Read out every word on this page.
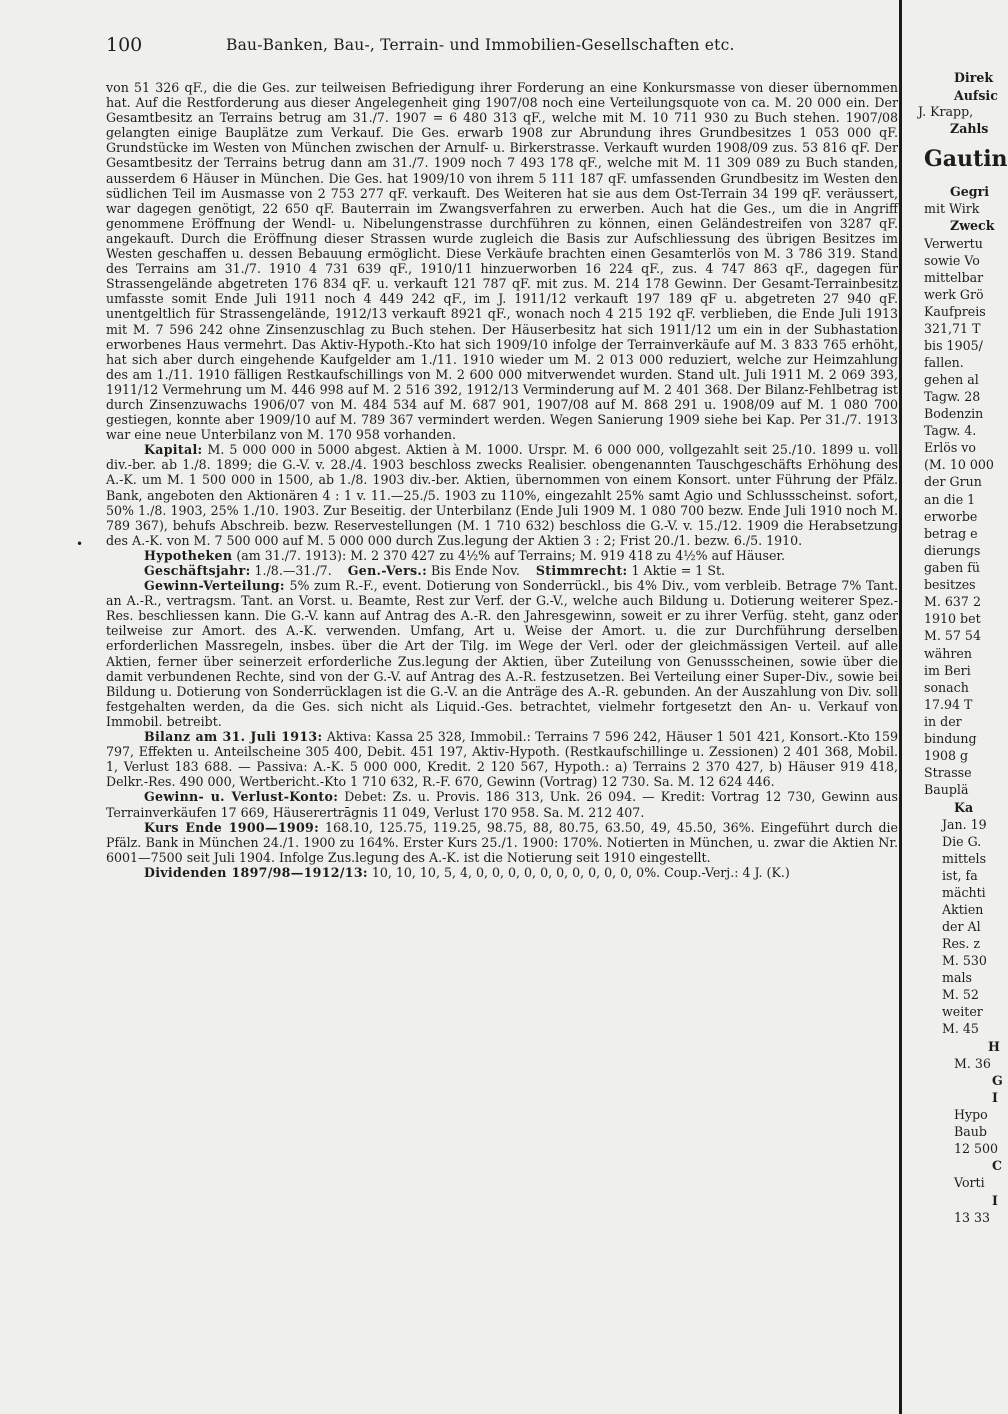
100	Bau-Banken, Bau-, Terrain- und Immobilien-Gesellschaften etc.

von 51 326 qF., die die Ges. zur teilweisen Befriedigung ihrer Forderung an eine Konkursmasse von dieser übernommen hat. Auf die Restforderung aus dieser Angelegenheit ging 1907/08 noch eine Verteilungsquote von ca. M. 20 000 ein. Der Gesamtbesitz an Terrains betrug am 31./7. 1907 = 6 480 313 qF., welche mit M. 10 711 930 zu Buch stehen. 1907/08 gelangten einige Bauplätze zum Verkauf. Die Ges. erwarb 1908 zur Abrundung ihres Grundbesitzes 1 053 000 qF. Grundstücke im Westen von München zwischen der Arnulf- u. Birkerstrasse. Verkauft wurden 1908/09 zus. 53 816 qF. Der Gesamtbesitz der Terrains betrug dann am 31./7. 1909 noch 7 493 178 qF., welche mit M. 11 309 089 zu Buch standen, ausserdem 6 Häuser in München. Die Ges. hat 1909/10 von ihrem 5 111 187 qF. umfassenden Grundbesitz im Westen den südlichen Teil im Ausmasse von 2 753 277 qF. verkauft. Des Weiteren hat sie aus dem Ost-Terrain 34 199 qF. veräussert, war dagegen genötigt, 22 650 qF. Bauterrain im Zwangsverfahren zu erwerben. Auch hat die Ges., um die in Angriff genommene Eröffnung der Wendl- u. Nibelungenstrasse durchführen zu können, einen Geländestreifen von 3287 qF. angekauft. Durch die Eröffnung dieser Strassen wurde zugleich die Basis zur Aufschliessung des übrigen Besitzes im Westen geschaffen u. dessen Bebauung ermöglicht. Diese Verkäufe brachten einen Gesamterlös von M. 3 786 319. Stand des Terrains am 31./7. 1910 4 731 639 qF., 1910/11 hinzuerworben 16 224 qF., zus. 4 747 863 qF., dagegen für Strassengelände abgetreten 176 834 qF. u. verkauft 121 787 qF. mit zus. M. 214 178 Gewinn. Der Gesamt-Terrainbesitz umfasste somit Ende Juli 1911 noch 4 449 242 qF., im J. 1911/12 verkauft 197 189 qF u. abgetreten 27 940 qF. unentgeltlich für Strassengelände, 1912/13 verkauft 8921 qF., wonach noch 4 215 192 qF. verblieben, die Ende Juli 1913 mit M. 7 596 242 ohne Zinsenzuschlag zu Buch stehen. Der Häuserbesitz hat sich 1911/12 um ein in der Subhastation erworbenes Haus vermehrt. Das Aktiv-Hypoth.-Kto hat sich 1909/10 infolge der Terrainverkäufe auf M. 3 833 765 erhöht, hat sich aber durch eingehende Kaufgelder am 1./11. 1910 wieder um M. 2 013 000 reduziert, welche zur Heimzahlung des am 1./11. 1910 fälligen Restkaufschillings von M. 2 600 000 mitverwendet wurden. Stand ult. Juli 1911 M. 2 069 393, 1911/12 Vermehrung um M. 446 998 auf M. 2 516 392, 1912/13 Verminderung auf M. 2 401 368. Der Bilanz-Fehlbetrag ist durch Zinsenzuwachs 1906/07 von M. 484 534 auf M. 687 901, 1907/08 auf M. 868 291 u. 1908/09 auf M. 1 080 700 gestiegen, konnte aber 1909/10 auf M. 789 367 vermindert werden. Wegen Sanierung 1909 siehe bei Kap. Per 31./7. 1913 war eine neue Unterbilanz von M. 170 958 vorhanden.

Kapital: M. 5 000 000 in 5000 abgest. Aktien à M. 1000. Urspr. M. 6 000 000, vollgezahlt seit 25./10. 1899 u. voll div.-ber. ab 1./8. 1899; die G.-V. v. 28./4. 1903 beschloss zwecks Realisier. obengenannten Tauschgeschäfts Erhöhung des A.-K. um M. 1 500 000 in 1500, ab 1./8. 1903 div.-ber. Aktien, übernommen von einem Konsort. unter Führung der Pfälz. Bank, angeboten den Aktionären 4 : 1 v. 11.—25./5. 1903 zu 110%, eingezahlt 25% samt Agio und Schlussscheinst. sofort, 50% 1./8. 1903, 25% 1./10. 1903. Zur Beseitig. der Unterbilanz (Ende Juli 1909 M. 1 080 700 bezw. Ende Juli 1910 noch M. 789 367), behufs Abschreib. bezw. Reservestellungen (M. 1 710 632) beschloss die G.-V. v. 15./12. 1909 die Herabsetzung des A.-K. von M. 7 500 000 auf M. 5 000 000 durch Zus.legung der Aktien 3 : 2; Frist 20./1. bezw. 6./5. 1910.

Hypotheken (am 31./7. 1913): M. 2 370 427 zu 4½% auf Terrains; M. 919 418 zu 4½% auf Häuser.

Geschäftsjahr: 1./8.—31./7. Gen.-Vers.: Bis Ende Nov. Stimmrecht: 1 Aktie = 1 St.

Gewinn-Verteilung: 5% zum R.-F., event. Dotierung von Sonderrückl., bis 4% Div., vom verbleib. Betrage 7% Tant. an A.-R., vertragsm. Tant. an Vorst. u. Beamte, Rest zur Verf. der G.-V., welche auch Bildung u. Dotierung weiterer Spez.-Res. beschliessen kann. Die G.-V. kann auf Antrag des A.-R. den Jahresgewinn, soweit er zu ihrer Verfüg. steht, ganz oder teilweise zur Amort. des A.-K. verwenden. Umfang, Art u. Weise der Amort. u. die zur Durchführung derselben erforderlichen Massregeln, insbes. über die Art der Tilg. im Wege der Verl. oder der gleichmässigen Verteil. auf alle Aktien, ferner über seinerzeit erforderliche Zus.legung der Aktien, über Zuteilung von Genussscheinen, sowie über die damit verbundenen Rechte, sind von der G.-V. auf Antrag des A.-R. festzusetzen. Bei Verteilung einer Super-Div., sowie bei Bildung u. Dotierung von Sonderrücklagen ist die G.-V. an die Anträge des A.-R. gebunden. An der Auszahlung von Div. soll festgehalten werden, da die Ges. sich nicht als Liquid.-Ges. betrachtet, vielmehr fortgesetzt den An- u. Verkauf von Immobil. betreibt.

Bilanz am 31. Juli 1913: Aktiva: Kassa 25 328, Immobil.: Terrains 7 596 242, Häuser 1 501 421, Konsort.-Kto 159 797, Effekten u. Anteilscheine 305 400, Debit. 451 197, Aktiv-Hypoth. (Restkaufschillinge u. Zessionen) 2 401 368, Mobil. 1, Verlust 183 688. — Passiva: A.-K. 5 000 000, Kredit. 2 120 567, Hypoth.: a) Terrains 2 370 427, b) Häuser 919 418, Delkr.-Res. 490 000, Wertbericht.-Kto 1 710 632, R.-F. 670, Gewinn (Vortrag) 12 730. Sa. M. 12 624 446.

Gewinn- u. Verlust-Konto: Debet: Zs. u. Provis. 186 313, Unk. 26 094. — Kredit: Vortrag 12 730, Gewinn aus Terrainverkäufen 17 669, Häuserertrāgnis 11 049, Verlust 170 958. Sa. M. 212 407.

Kurs Ende 1900—1909: 168.10, 125.75, 119.25, 98.75, 88, 80.75, 63.50, 49, 45.50, 36%. Eingeführt durch die Pfälz. Bank in München 24./1. 1900 zu 164%. Erster Kurs 25./1. 1900: 170%. Notierten in München, u. zwar die Aktien Nr. 6001—7500 seit Juli 1904. Infolge Zus.legung des A.-K. ist die Notierung seit 1910 eingestellt.

Dividenden 1897/98—1912/13: 10, 10, 10, 5, 4, 0, 0, 0, 0, 0, 0, 0, 0, 0, 0, 0%. Coup.-Verj.: 4 J. (K.)

•
Direk
Aufsic
J. Krapp,
Zahls
Gautin
Gegri
mit Wirk
Zweck
Verwertu
sowie Vo
mittelbar
werk Grö
Kaufpreis
321,71 T
bis 1905/
fallen.
gehen al
Tagw. 28
Bodenzin
Tagw. 4.
Erlös vo
(M. 10 000
der Grun
an die 1
erworbe
betrag e
dierungs
gaben fü
besitzes
M. 637 2
1910 bet
M. 57 54
währen
im Beri
sonach
17.94 T
in der
bindung
1908 g
Strasse
Bauplä
Ka
Jan. 19
Die G.
mittels
ist, fa
mächti
Aktien
der Al
Res. z
M. 530
mals
M. 52
weiter
M. 45
H
M. 36
G
I
Hypo
Baub
12 500
C
Vorti
I
13 33
